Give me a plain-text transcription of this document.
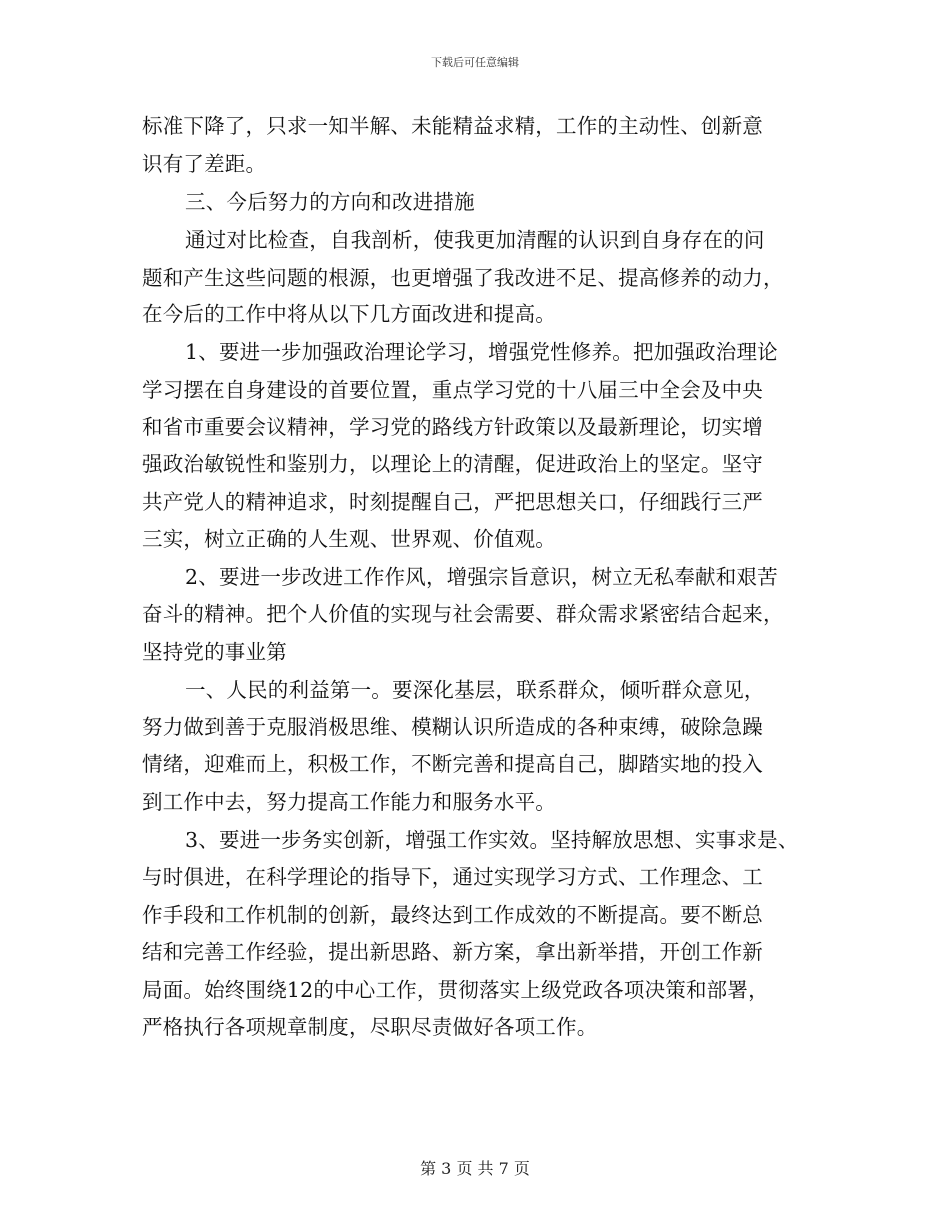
下载后可任意编辑
标准下降了，只求一知半解、未能精益求精，工作的主动性、创新意
识有了差距。
三、今后努力的方向和改进措施
通过对比检查，自我剖析，使我更加清醒的认识到自身存在的问
题和产生这些问题的根源，也更增强了我改进不足、提高修养的动力，
在今后的工作中将从以下几方面改进和提高。
1、要进一步加强政治理论学习，增强党性修养。把加强政治理论
学习摆在自身建设的首要位置，重点学习党的十八届三中全会及中央
和省市重要会议精神，学习党的路线方针政策以及最新理论，切实增
强政治敏锐性和鉴别力，以理论上的清醒，促进政治上的坚定。坚守
共产党人的精神追求，时刻提醒自己，严把思想关口，仔细践行三严
三实，树立正确的人生观、世界观、价值观。
2、要进一步改进工作作风，增强宗旨意识，树立无私奉献和艰苦
奋斗的精神。把个人价值的实现与社会需要、群众需求紧密结合起来，
坚持党的事业第
一、人民的利益第一。要深化基层，联系群众，倾听群众意见，
努力做到善于克服消极思维、模糊认识所造成的各种束缚，破除急躁
情绪，迎难而上，积极工作，不断完善和提高自己，脚踏实地的投入
到工作中去，努力提高工作能力和服务水平。
3、要进一步务实创新，增强工作实效。坚持解放思想、实事求是、
与时俱进，在科学理论的指导下，通过实现学习方式、工作理念、工
作手段和工作机制的创新，最终达到工作成效的不断提高。要不断总
结和完善工作经验，提出新思路、新方案，拿出新举措，开创工作新
局面。始终围绕12的中心工作，贯彻落实上级党政各项决策和部署，
严格执行各项规章制度，尽职尽责做好各项工作。
第 3 页 共 7 页
